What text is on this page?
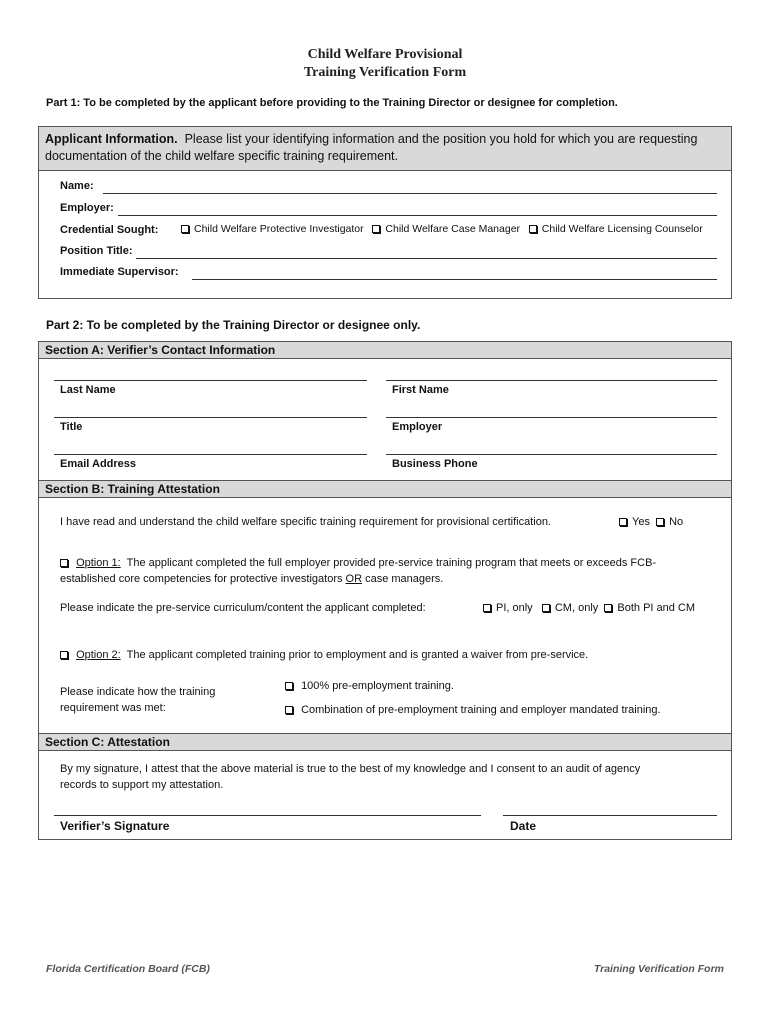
Child Welfare Provisional
Training Verification Form
Part 1: To be completed by the applicant before providing to the Training Director or designee for completion.
Applicant Information. Please list your identifying information and the position you hold for which you are requesting
documentation of the child welfare specific training requirement.
Name:
Employer:
Credential Sought:	Child Welfare Protective Investigator Child Welfare Case Manager Child Welfare Licensing Counselor
Position Title:
Immediate Supervisor:
Part 2: To be completed by the Training Director or designee only.
Section A: Verifier’s Contact Information
Last Name	First Name
Title	Employer
Email Address	Business Phone
Section B: Training Attestation
I have read and understand the child welfare specific training requirement for provisional certification.	Yes No
Option 1: The applicant completed the full employer provided pre-service training program that meets or exceeds FCB-
established core competencies for protective investigators OR case managers.
Please indicate the pre-service curriculum/content the applicant completed:	PI, only CM, only Both PI and CM
Option 2: The applicant completed training prior to employment and is granted a waiver from pre-service.
Please indicate how the training
requirement was met:
100% pre-employment training.
Combination of pre-employment training and employer mandated training.
Section C: Attestation
By my signature, I attest that the above material is true to the best of my knowledge and I consent to an audit of agency
records to support my attestation.
Verifier’s Signature	Date
Florida Certification Board (FCB)	Training Verification Form
